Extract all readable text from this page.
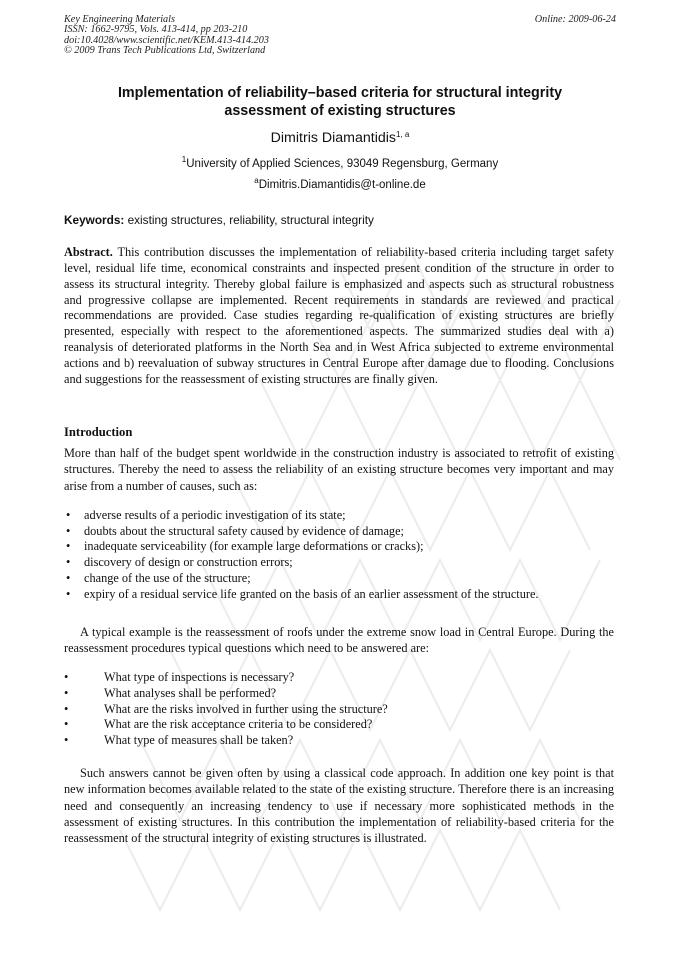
Key Engineering Materials
ISSN: 1662-9795, Vols. 413-414, pp 203-210
doi:10.4028/www.scientific.net/KEM.413-414.203
© 2009 Trans Tech Publications Ltd, Switzerland
Online: 2009-06-24
Implementation of reliability–based criteria for structural integrity
assessment of existing structures
Dimitris Diamantidis$^{1, a}$
$^1$University of Applied Sciences, 93049 Regensburg, Germany
$^a$Dimitris.Diamantidis@t-online.de
Keywords: existing structures, reliability, structural integrity
Abstract. This contribution discusses the implementation of reliability-based criteria including target safety level, residual life time, economical constraints and inspected present condition of the structure in order to assess its structural integrity. Thereby global failure is emphasized and aspects such as structural robustness and progressive collapse are implemented. Recent requirements in standards are reviewed and practical recommendations are provided. Case studies regarding re-qualification of existing structures are briefly presented, especially with respect to the aforementioned aspects. The summarized studies deal with a) reanalysis of deteriorated platforms in the North Sea and in West Africa subjected to extreme environmental actions and b) reevaluation of subway structures in Central Europe after damage due to flooding. Conclusions and suggestions for the reassessment of existing structures are finally given.
Introduction
More than half of the budget spent worldwide in the construction industry is associated to retrofit of existing structures. Thereby the need to assess the reliability of an existing structure becomes very important and may arise from a number of causes, such as:
• adverse results of a periodic investigation of its state;
• doubts about the structural safety caused by evidence of damage;
• inadequate serviceability (for example large deformations or cracks);
• discovery of design or construction errors;
• change of the use of the structure;
• expiry of a residual service life granted on the basis of an earlier assessment of the structure.
A typical example is the reassessment of roofs under the extreme snow load in Central Europe. During the reassessment procedures typical questions which need to be answered are:
•	What type of inspections is necessary?
•	What analyses shall be performed?
•	What are the risks involved in further using the structure?
•	What are the risk acceptance criteria to be considered?
•	What type of measures shall be taken?
Such answers cannot be given often by using a classical code approach. In addition one key point is that new information becomes available related to the state of the existing structure. Therefore there is an increasing need and consequently an increasing tendency to use if necessary more sophisticated methods in the assessment of existing structures. In this contribution the implementation of reliability-based criteria for the reassessment of the structural integrity of existing structures is illustrated.
